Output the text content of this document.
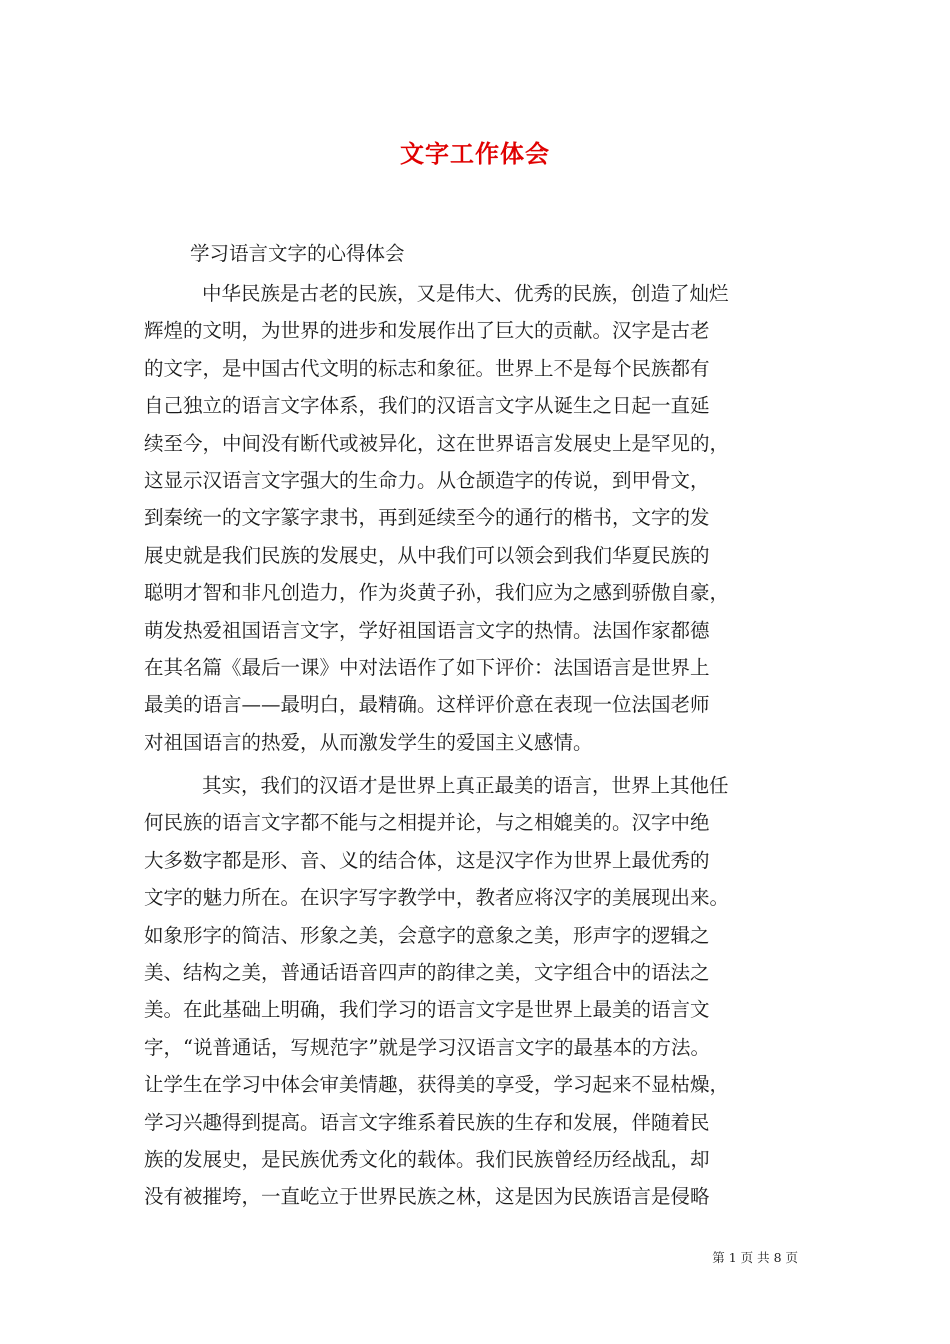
文字工作体会
学习语言文字的心得体会
中华民族是古老的民族，又是伟大、优秀的民族，创造了灿烂
辉煌的文明，为世界的进步和发展作出了巨大的贡献。汉字是古老
的文字，是中国古代文明的标志和象征。世界上不是每个民族都有
自己独立的语言文字体系，我们的汉语言文字从诞生之日起一直延
续至今，中间没有断代或被异化，这在世界语言发展史上是罕见的，
这显示汉语言文字强大的生命力。从仓颉造字的传说，到甲骨文，
到秦统一的文字篆字隶书，再到延续至今的通行的楷书，文字的发
展史就是我们民族的发展史，从中我们可以领会到我们华夏民族的
聪明才智和非凡创造力，作为炎黄子孙，我们应为之感到骄傲自豪，
萌发热爱祖国语言文字，学好祖国语言文字的热情。法国作家都德
在其名篇《最后一课》中对法语作了如下评价：法国语言是世界上
最美的语言——最明白，最精确。这样评价意在表现一位法国老师
对祖国语言的热爱，从而激发学生的爱国主义感情。
其实，我们的汉语才是世界上真正最美的语言，世界上其他任
何民族的语言文字都不能与之相提并论，与之相媲美的。汉字中绝
大多数字都是形、音、义的结合体，这是汉字作为世界上最优秀的
文字的魅力所在。在识字写字教学中，教者应将汉字的美展现出来。
如象形字的简洁、形象之美，会意字的意象之美，形声字的逻辑之
美、结构之美，普通话语音四声的韵律之美，文字组合中的语法之
美。在此基础上明确，我们学习的语言文字是世界上最美的语言文
字，“说普通话，写规范字”就是学习汉语言文字的最基本的方法。
让学生在学习中体会审美情趣，获得美的享受，学习起来不显枯燥，
学习兴趣得到提高。语言文字维系着民族的生存和发展，伴随着民
族的发展史，是民族优秀文化的载体。我们民族曾经历经战乱，却
没有被摧垮，一直屹立于世界民族之林，这是因为民族语言是侵略
第 1 页 共 8 页
